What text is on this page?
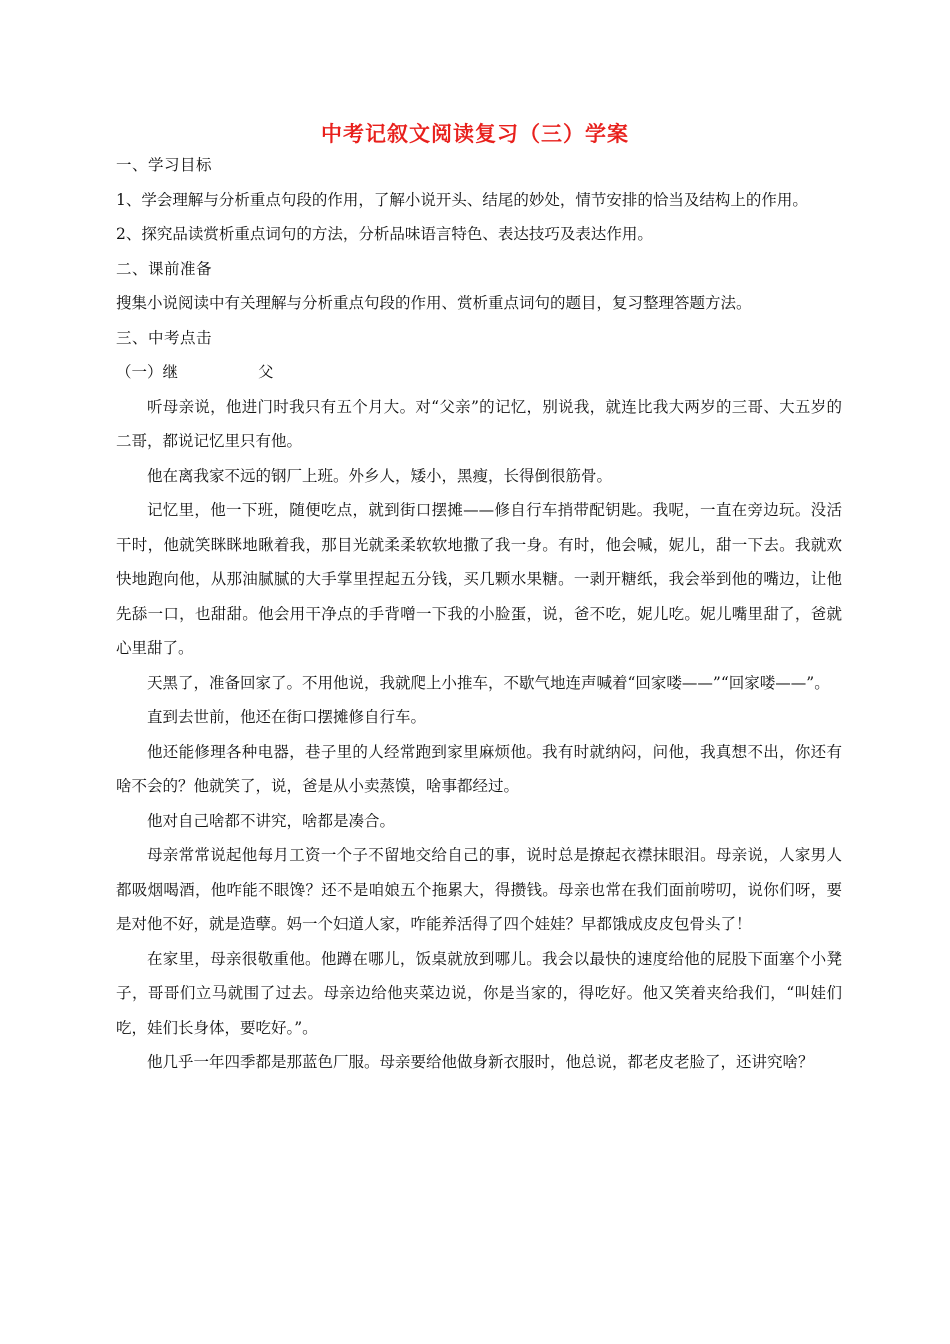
中考记叙文阅读复习（三）学案

一、学习目标

1、学会理解与分析重点句段的作用，了解小说开头、结尾的妙处，情节安排的恰当及结构上的作用。

2、探究品读赏析重点词句的方法，分析品味语言特色、表达技巧及表达作用。

二、课前准备

搜集小说阅读中有关理解与分析重点句段的作用、赏析重点词句的题目，复习整理答题方法。

三、中考点击

（一）继	父

听母亲说，他进门时我只有五个月大。对“父亲”的记忆，别说我，就连比我大两岁的三哥、大五岁的二哥，都说记忆里只有他。

他在离我家不远的钢厂上班。外乡人，矮小，黑瘦，长得倒很筋骨。

记忆里，他一下班，随便吃点，就到街口摆摊——修自行车捎带配钥匙。我呢，一直在旁边玩。没活干时，他就笑眯眯地瞅着我，那目光就柔柔软软地撒了我一身。有时，他会喊，妮儿，甜一下去。我就欢快地跑向他，从那油腻腻的大手掌里捏起五分钱，买几颗水果糖。一剥开糖纸，我会举到他的嘴边，让他先舔一口，也甜甜。他会用干净点的手背噌一下我的小脸蛋，说，爸不吃，妮儿吃。妮儿嘴里甜了，爸就心里甜了。

天黑了，准备回家了。不用他说，我就爬上小推车，不歇气地连声喊着“回家喽——”“回家喽——”。

直到去世前，他还在街口摆摊修自行车。

他还能修理各种电器，巷子里的人经常跑到家里麻烦他。我有时就纳闷，问他，我真想不出，你还有啥不会的？他就笑了，说，爸是从小卖蒸馍，啥事都经过。

他对自己啥都不讲究，啥都是凑合。

母亲常常说起他每月工资一个子不留地交给自己的事，说时总是撩起衣襟抹眼泪。母亲说，人家男人都吸烟喝酒，他咋能不眼馋？还不是咱娘五个拖累大，得攒钱。母亲也常在我们面前唠叨，说你们呀，要是对他不好，就是造孽。妈一个妇道人家，咋能养活得了四个娃娃？早都饿成皮皮包骨头了！

在家里，母亲很敬重他。他蹲在哪儿，饭桌就放到哪儿。我会以最快的速度给他的屁股下面塞个小凳子，哥哥们立马就围了过去。母亲边给他夹菜边说，你是当家的，得吃好。他又笑着夹给我们，“叫娃们吃，娃们长身体，要吃好。”。

他几乎一年四季都是那蓝色厂服。母亲要给他做身新衣服时，他总说，都老皮老脸了，还讲究啥？
